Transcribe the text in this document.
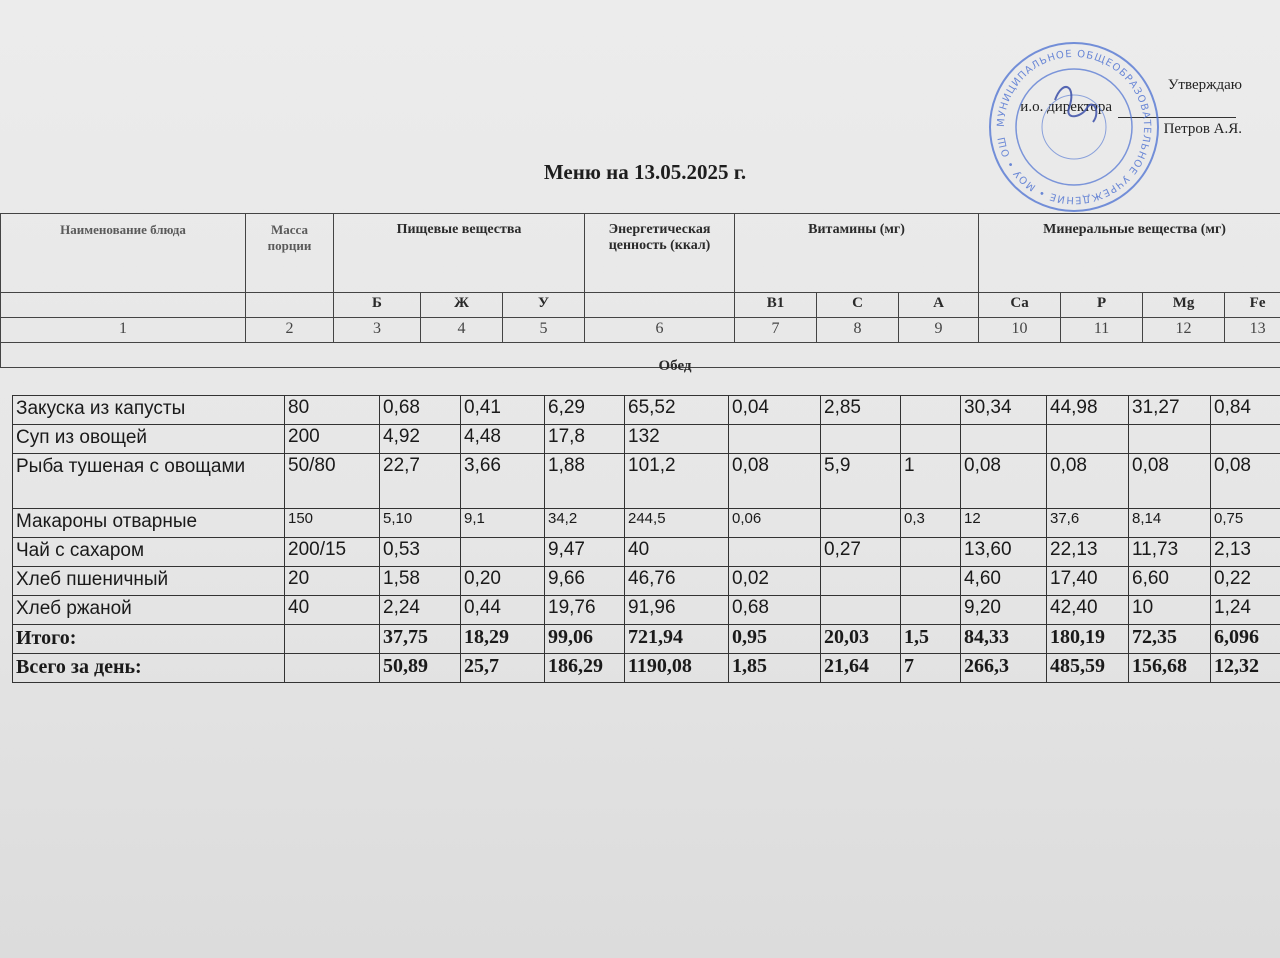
Утверждаю
и.о. директораПетров А.Я.
МУНИЦИПАЛЬНОЕ ОБЩЕОБРАЗОВАТЕЛЬНОЕ УЧРЕЖДЕНИЕ • МОУ • ОШ
Меню на 13.05.2025 г.
Наименование блюда	Масса порции	Пищевые вещества			Энергетическая ценность (ккал)	Витамины (мг)			Минеральные вещества (мг)			
		Б	Ж	У		В1	С	А	Ca	P	Mg	Fe
1	2	3	4	5	6	7	8	9	10	11	12	13

Обед
Закуска из капусты	80	0,68	0,41	6,29	65,52	0,04	2,85		30,34	44,98	31,27	0,84
Суп из овощей	200	4,92	4,48	17,8	132							
Рыба тушеная с овощами	50/80	22,7	3,66	1,88	101,2	0,08	5,9	1	0,08	0,08	0,08	0,08
Макароны отварные	150	5,10	9,1	34,2	244,5	0,06		0,3	12	37,6	8,14	0,75
Чай с сахаром	200/15	0,53		9,47	40		0,27		13,60	22,13	11,73	2,13
Хлеб пшеничный	20	1,58	0,20	9,66	46,76	0,02			4,60	17,40	6,60	0,22
Хлеб ржаной	40	2,24	0,44	19,76	91,96	0,68			9,20	42,40	10	1,24
Итого:		37,75	18,29	99,06	721,94	0,95	20,03	1,5	84,33	180,19	72,35	6,096
Всего за день:		50,89	25,7	186,29	1190,08	1,85	21,64	7	266,3	485,59	156,68	12,32
